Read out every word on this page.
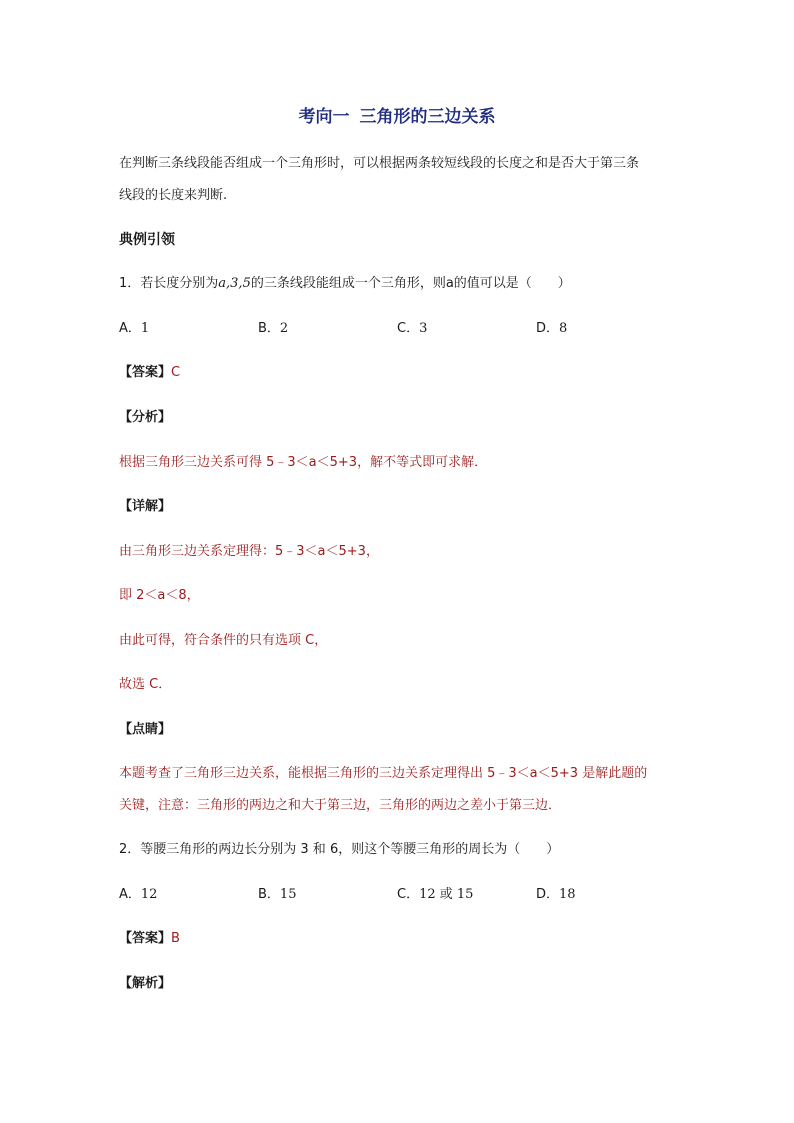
考向一 三角形的三边关系
在判断三条线段能否组成一个三角形时，可以根据两条较短线段的长度之和是否大于第三条
线段的长度来判断.
典例引领
1．若长度分别为a,3,5的三条线段能组成一个三角形，则a的值可以是（　　）
A．1	B．2	C．3	D．8
【答案】C
【分析】
根据三角形三边关系可得 5﹣3＜a＜5+3，解不等式即可求解．
【详解】
由三角形三边关系定理得：5﹣3＜a＜5+3，
即 2＜a＜8，
由此可得，符合条件的只有选项 C，
故选 C．
【点睛】
本题考查了三角形三边关系，能根据三角形的三边关系定理得出 5﹣3＜a＜5+3 是解此题的
关键，注意：三角形的两边之和大于第三边，三角形的两边之差小于第三边．
2．等腰三角形的两边长分别为 3 和 6，则这个等腰三角形的周长为（　　）
A．12	B．15	C．12 或 15	D．18
【答案】B
【解析】
